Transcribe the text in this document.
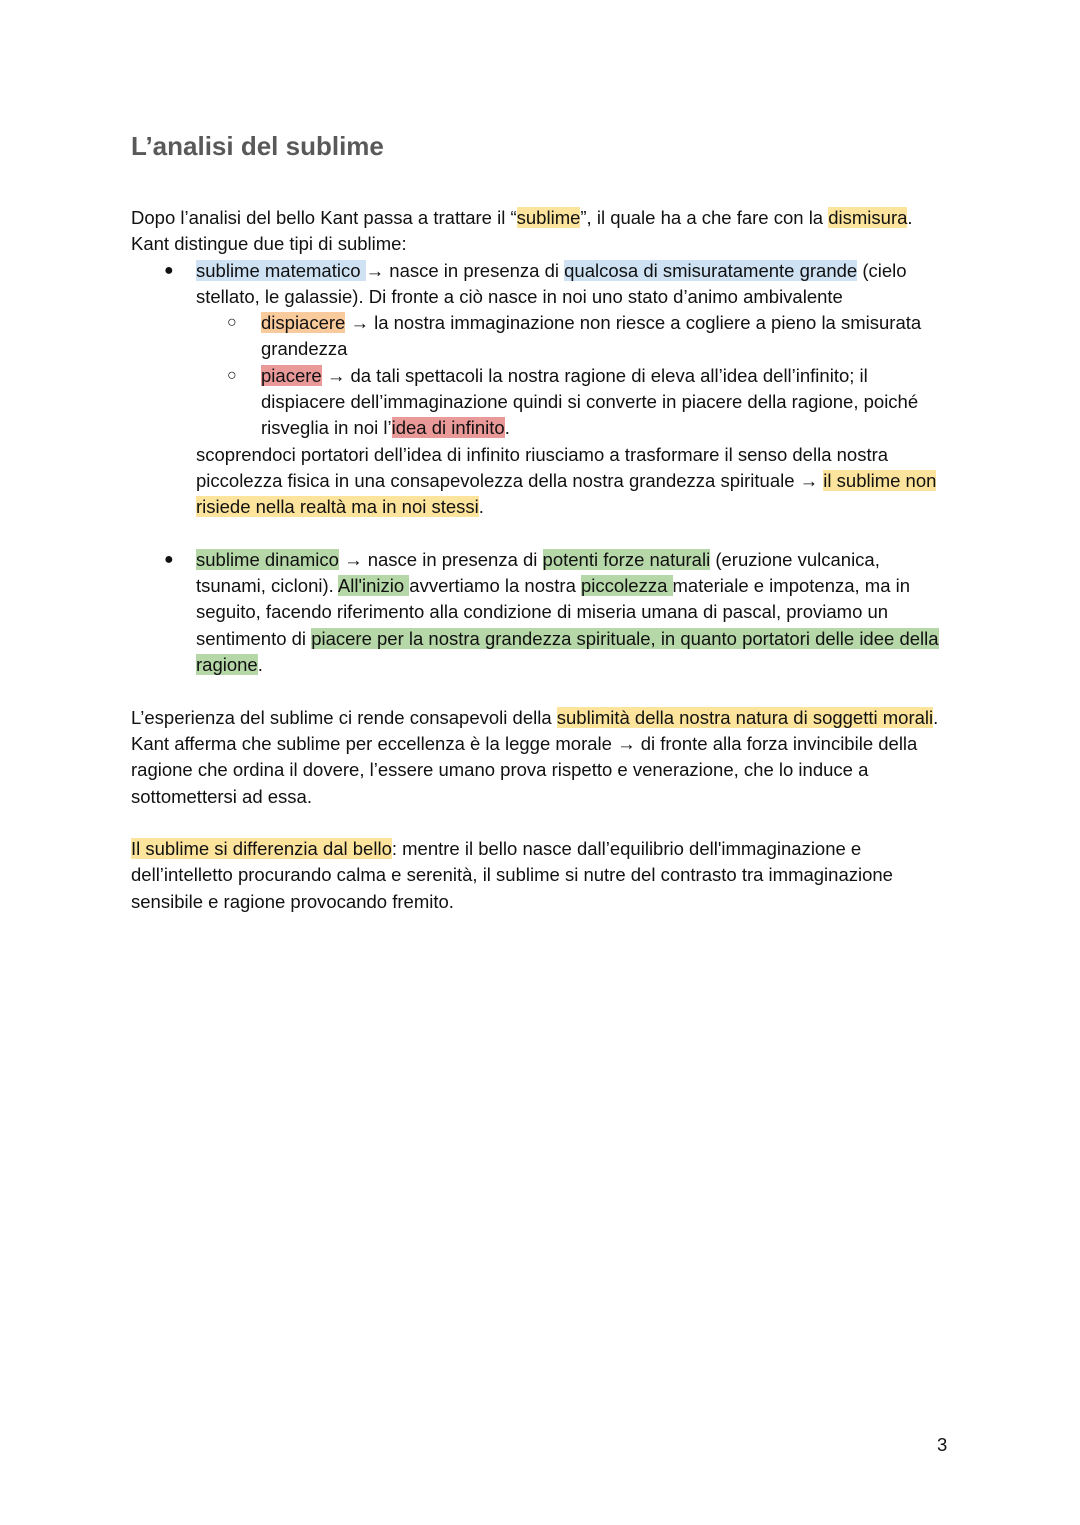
L’analisi del sublime

Dopo l’analisi del bello Kant passa a trattare il “sublime”, il quale ha a che fare con la dismisura. Kant distingue due tipi di sublime:

● sublime matematico → nasce in presenza di qualcosa di smisuratamente grande (cielo stellato, le galassie). Di fronte a ciò nasce in noi uno stato d’animo ambivalente
○ dispiacere → la nostra immaginazione non riesce a cogliere a pieno la smisurata grandezza
○ piacere → da tali spettacoli la nostra ragione di eleva all’idea dell’infinito; il dispiacere dell’immaginazione quindi si converte in piacere della ragione, poiché risveglia in noi l’idea di infinito.
scoprendoci portatori dell’idea di infinito riusciamo a trasformare il senso della nostra piccolezza fisica in una consapevolezza della nostra grandezza spirituale → il sublime non risiede nella realtà ma in noi stessi.
● sublime dinamico → nasce in presenza di potenti forze naturali (eruzione vulcanica, tsunami, cicloni). All'inizio avvertiamo la nostra piccolezza materiale e impotenza, ma in seguito, facendo riferimento alla condizione di miseria umana di pascal, proviamo un sentimento di piacere per la nostra grandezza spirituale, in quanto portatori delle idee della ragione.

L’esperienza del sublime ci rende consapevoli della sublimità della nostra natura di soggetti morali. Kant afferma che sublime per eccellenza è la legge morale → di fronte alla forza invincibile della ragione che ordina il dovere, l’essere umano prova rispetto e venerazione, che lo induce a sottomettersi ad essa.

Il sublime si differenzia dal bello: mentre il bello nasce dall’equilibrio dell'immaginazione e dell’intelletto procurando calma e serenità, il sublime si nutre del contrasto tra immaginazione sensibile e ragione provocando fremito.

3
